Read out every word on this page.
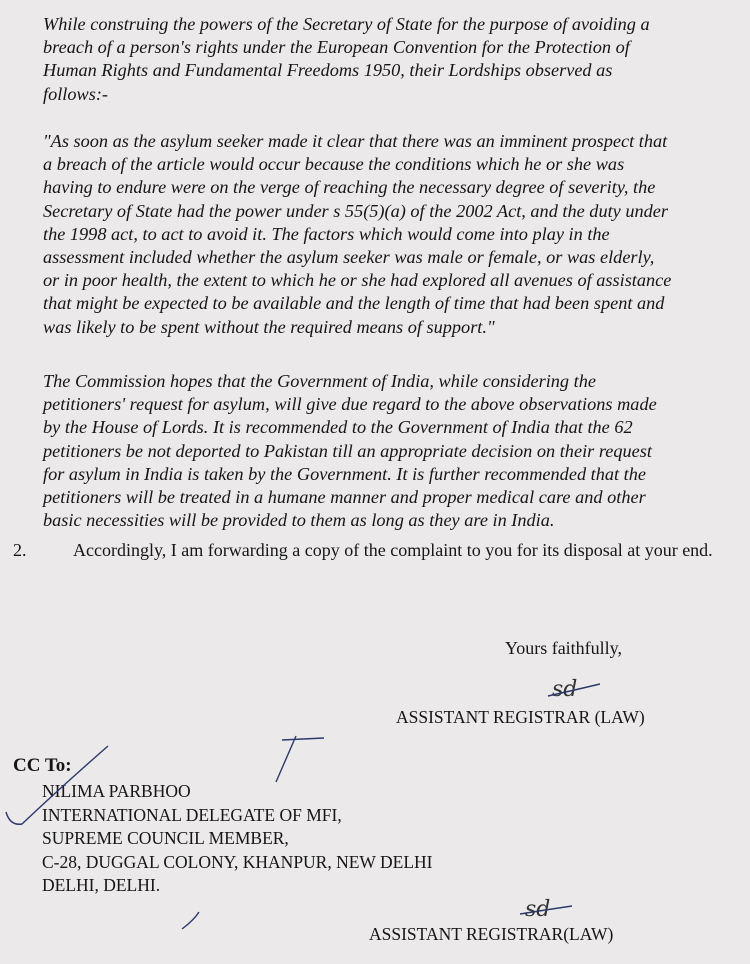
While construing the powers of the Secretary of State for the purpose of avoiding a
breach of a person's rights under the European Convention for the Protection of
Human Rights and Fundamental Freedoms 1950, their Lordships observed as
follows:-
"As soon as the asylum seeker made it clear that there was an imminent prospect that
a breach of the article would occur because the conditions which he or she was
having to endure were on the verge of reaching the necessary degree of severity, the
Secretary of State had the power under s 55(5)(a) of the 2002 Act, and the duty under
the 1998 act, to act to avoid it. The factors which would come into play in the
assessment included whether the asylum seeker was male or female, or was elderly,
or in poor health, the extent to which he or she had explored all avenues of assistance
that might be expected to be available and the length of time that had been spent and
was likely to be spent without the required means of support."
The Commission hopes that the Government of India, while considering the
petitioners' request for asylum, will give due regard to the above observations made
by the House of Lords. It is recommended to the Government of India that the 62
petitioners be not deported to Pakistan till an appropriate decision on their request
for asylum in India is taken by the Government. It is further recommended that the
petitioners will be treated in a humane manner and proper medical care and other
basic necessities will be provided to them as long as they are in India.

2.	Accordingly, I am forwarding a copy of the complaint to you for its disposal at your end.

Yours faithfully,

sd

ASSISTANT REGISTRAR (LAW)

CC To:

NILIMA PARBHOO
INTERNATIONAL DELEGATE OF MFI,
SUPREME COUNCIL MEMBER,
C-28, DUGGAL COLONY, KHANPUR, NEW DELHI
DELHI, DELHI.

sd

ASSISTANT REGISTRAR(LAW)
